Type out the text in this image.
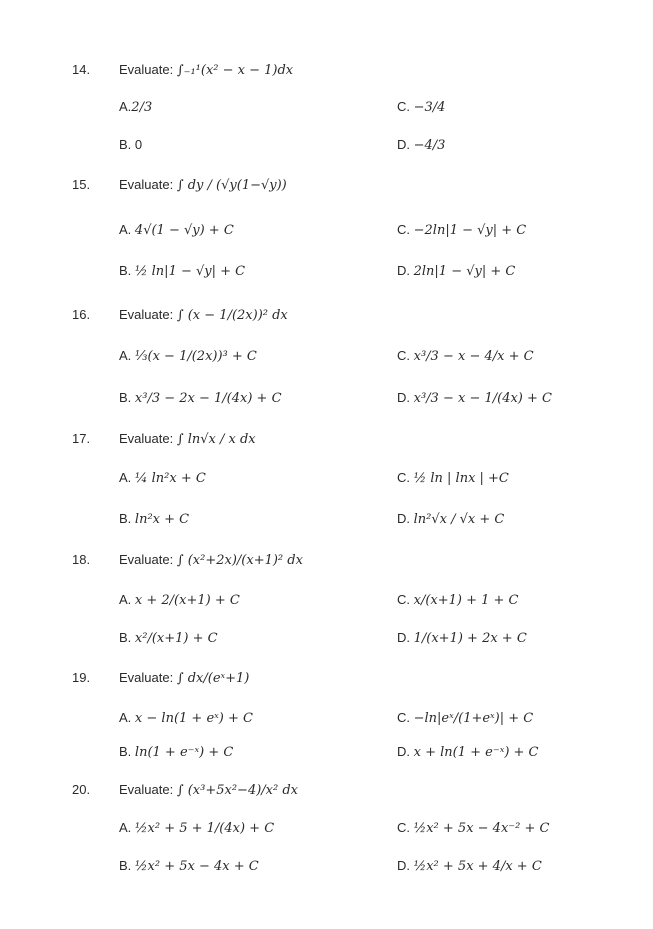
14. Evaluate: ∫₋₁¹(x² − x − 1)dx
A.2/3	C. −3/4
B. 0	D. −4/3
15. Evaluate: ∫ dy / (√y(1−√y))
A. 4√(1 − √y) + C	C. −2ln|1 − √y| + C
B. ½ ln|1 − √y| + C	D. 2ln|1 − √y| + C
16. Evaluate: ∫ (x − 1/(2x))² dx
A. ⅓(x − 1/(2x))³ + C	C. x³/3 − x − 4/x + C
B. x³/3 − 2x − 1/(4x) + C	D. x³/3 − x − 1/(4x) + C
17. Evaluate: ∫ ln√x / x dx
A. ¼ ln²x + C	C. ½ ln | lnx | +C
B. ln²x + C	D. ln²√x / √x + C
18. Evaluate: ∫ (x²+2x)/(x+1)² dx
A. x + 2/(x+1) + C	C. x/(x+1) + 1 + C
B. x²/(x+1) + C	D. 1/(x+1) + 2x + C
19. Evaluate: ∫ dx/(eˣ+1)
A. x − ln(1 + eˣ) + C	C. −ln|eˣ/(1+eˣ)| + C
B. ln(1 + e⁻ˣ) + C	D. x + ln(1 + e⁻ˣ) + C
20. Evaluate: ∫ (x³+5x²−4)/x² dx
A. ½x² + 5 + 1/(4x) + C	C. ½x² + 5x − 4x⁻² + C
B. ½x² + 5x − 4x + C	D. ½x² + 5x + 4/x + C
